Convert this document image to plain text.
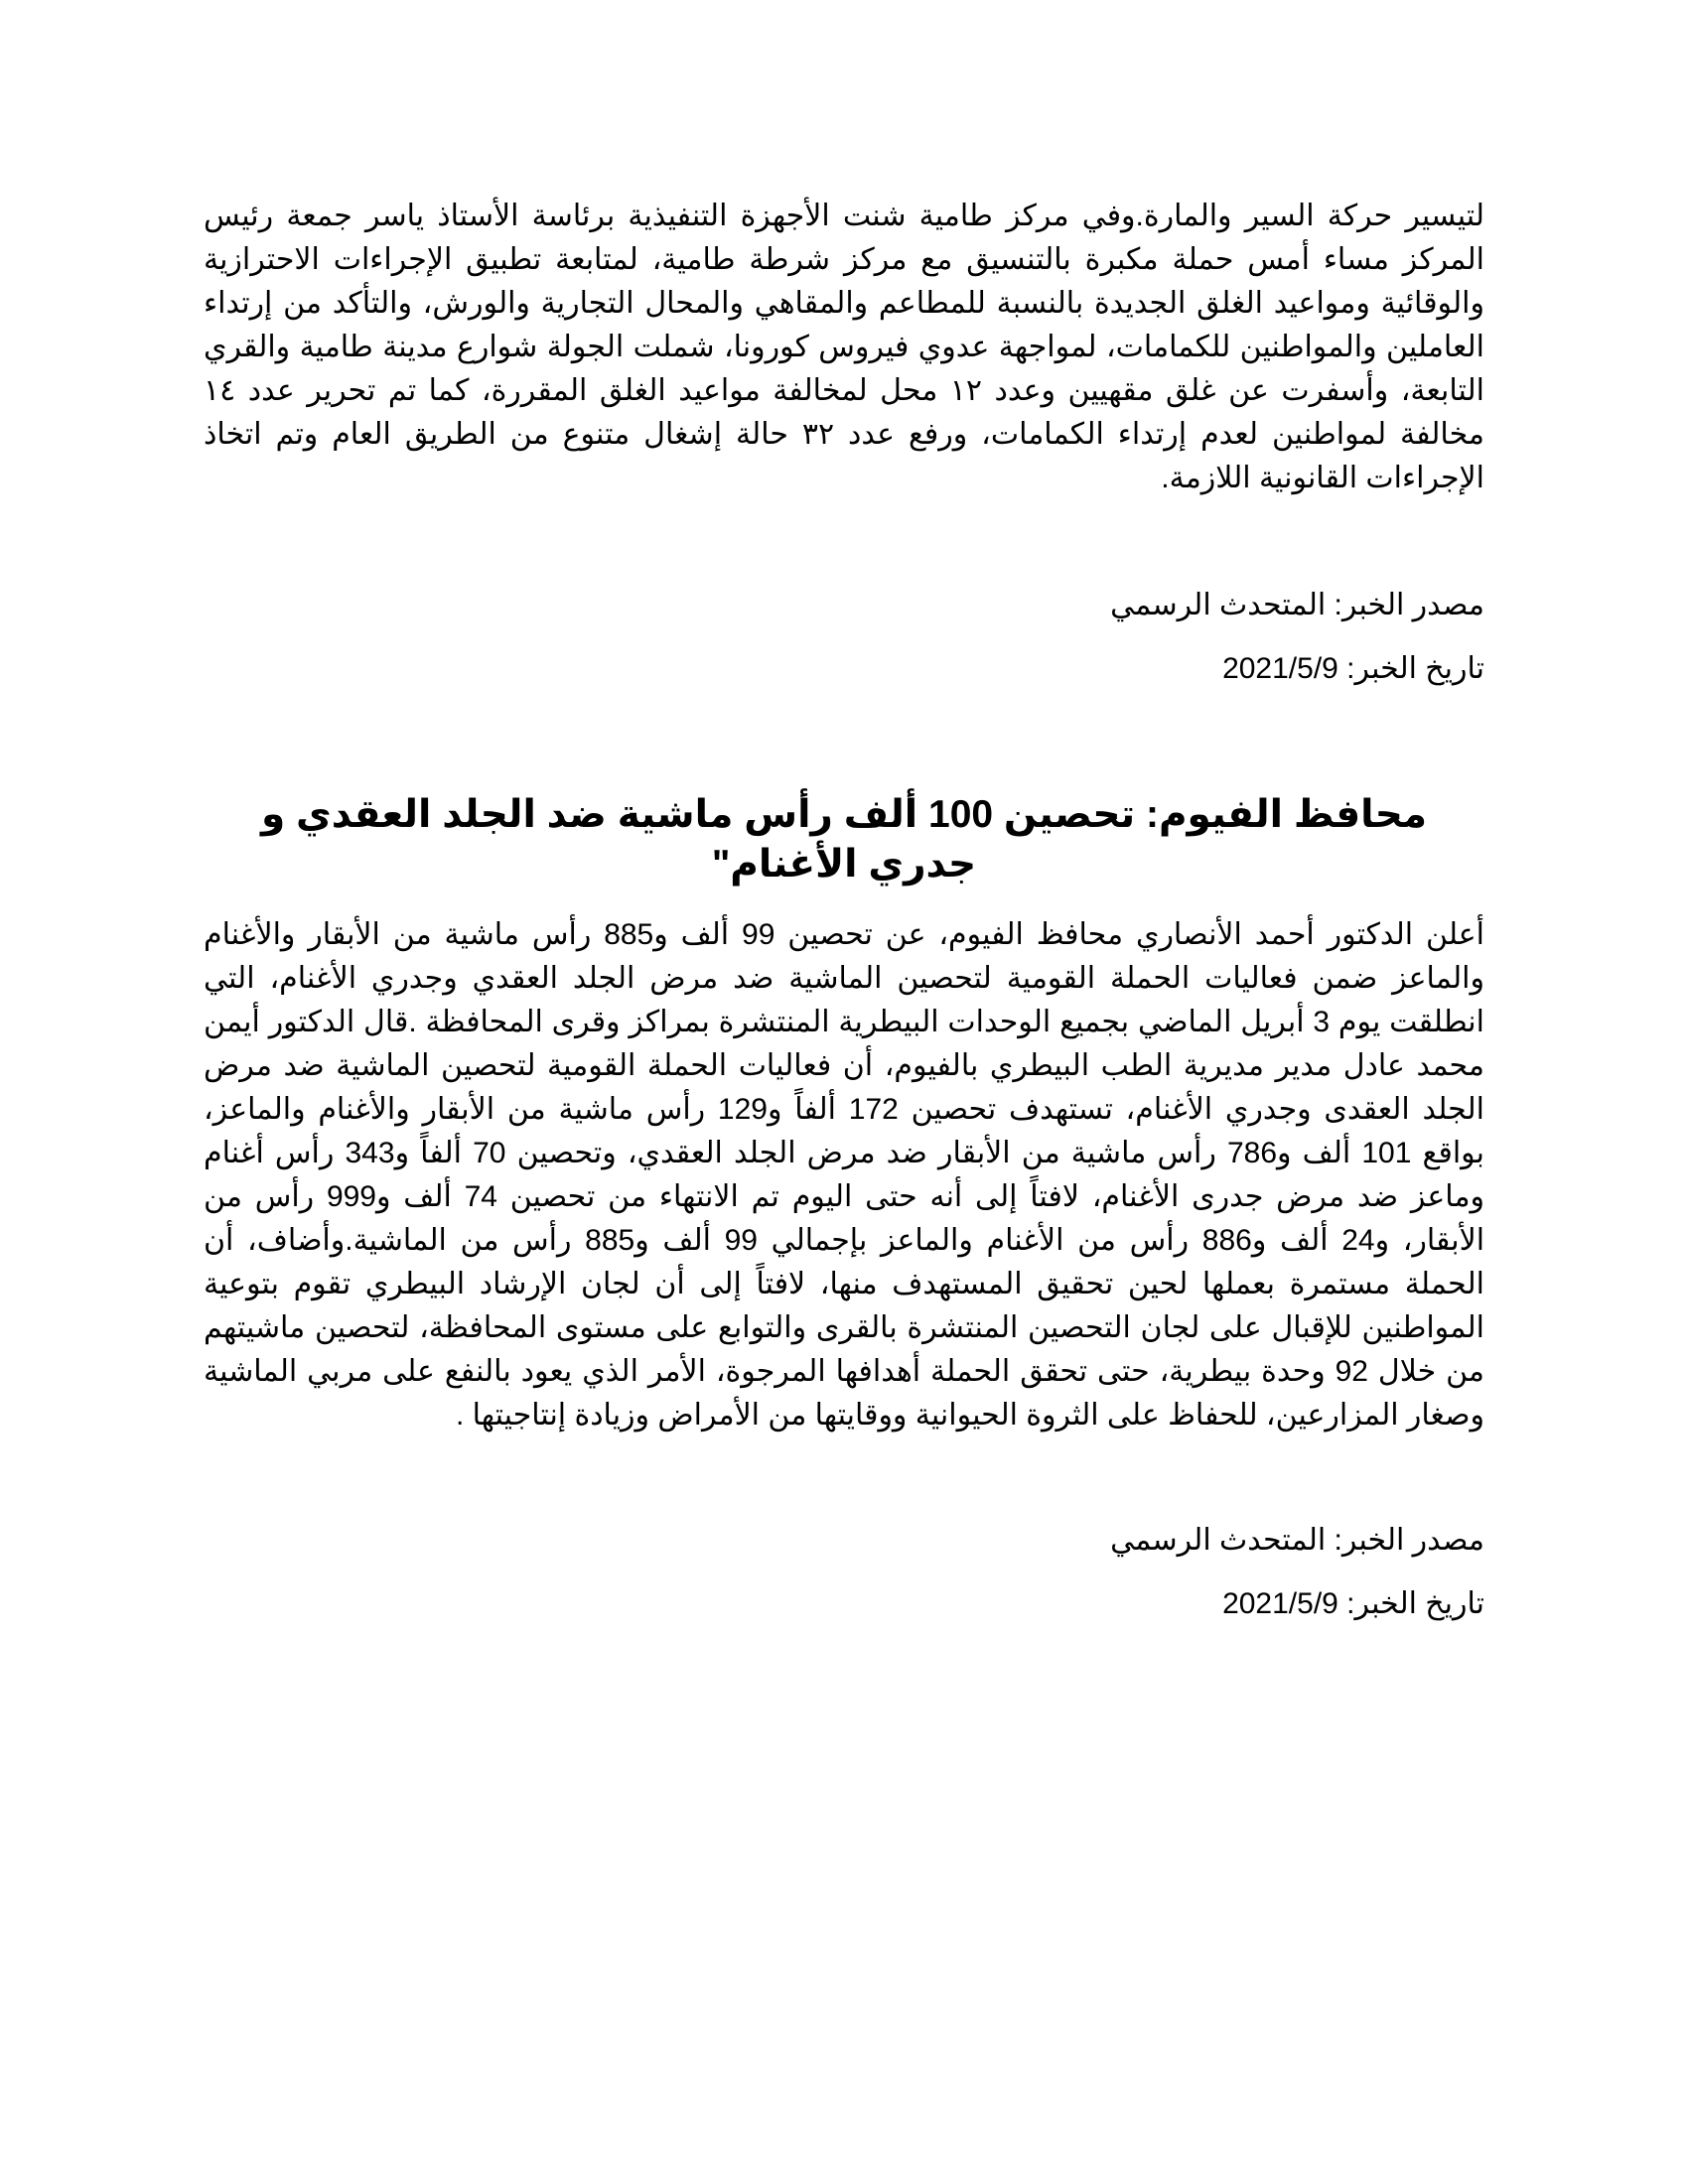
لتيسير حركة السير والمارة.وفي مركز طامية شنت الأجهزة التنفيذية برئاسة الأستاذ ياسر جمعة رئيس المركز مساء أمس حملة مكبرة بالتنسيق مع مركز شرطة طامية، لمتابعة تطبيق الإجراءات الاحترازية والوقائية ومواعيد الغلق الجديدة بالنسبة للمطاعم والمقاهي والمحال التجارية والورش، والتأكد من إرتداء العاملين والمواطنين للكمامات، لمواجهة عدوي فيروس كورونا، شملت الجولة شوارع مدينة طامية والقري التابعة، وأسفرت عن غلق مقهيين وعدد ١٢ محل لمخالفة مواعيد الغلق المقررة، كما تم تحرير عدد ١٤ مخالفة لمواطنين لعدم إرتداء الكمامات، ورفع عدد ٣٢ حالة إشغال متنوع من الطريق العام وتم اتخاذ الإجراءات القانونية اللازمة.

مصدر الخبر: المتحدث الرسمي

تاريخ الخبر: 2021/5/9

محافظ الفيوم: تحصين 100 ألف رأس ماشية ضد الجلد العقدي و جدري الأغنام"

أعلن الدكتور أحمد الأنصاري محافظ الفيوم، عن تحصين 99 ألف و885 رأس ماشية من الأبقار والأغنام والماعز ضمن فعاليات الحملة القومية لتحصين الماشية ضد مرض الجلد العقدي وجدري الأغنام، التي انطلقت يوم 3 أبريل الماضي بجميع الوحدات البيطرية المنتشرة بمراكز وقرى المحافظة .قال الدكتور أيمن محمد عادل مدير مديرية الطب البيطري بالفيوم، أن فعاليات الحملة القومية لتحصين الماشية ضد مرض الجلد العقدى وجدري الأغنام، تستهدف تحصين 172 ألفاً و129 رأس ماشية من الأبقار والأغنام والماعز، بواقع 101 ألف و786 رأس ماشية من الأبقار ضد مرض الجلد العقدي، وتحصين 70 ألفاً و343 رأس أغنام وماعز ضد مرض جدرى الأغنام، لافتاً إلى أنه حتى اليوم تم الانتهاء من تحصين 74 ألف و999 رأس من الأبقار، و24 ألف و886 رأس من الأغنام والماعز بإجمالي 99 ألف و885 رأس من الماشية.وأضاف، أن الحملة مستمرة بعملها لحين تحقيق المستهدف منها، لافتاً إلى أن لجان الإرشاد البيطري تقوم بتوعية المواطنين للإقبال على لجان التحصين المنتشرة بالقرى والتوابع على مستوى المحافظة، لتحصين ماشيتهم من خلال 92 وحدة بيطرية، حتى تحقق الحملة أهدافها المرجوة، الأمر الذي يعود بالنفع على مربي الماشية وصغار المزارعين، للحفاظ على الثروة الحيوانية ووقايتها من الأمراض وزيادة إنتاجيتها .

مصدر الخبر: المتحدث الرسمي

تاريخ الخبر: 2021/5/9
